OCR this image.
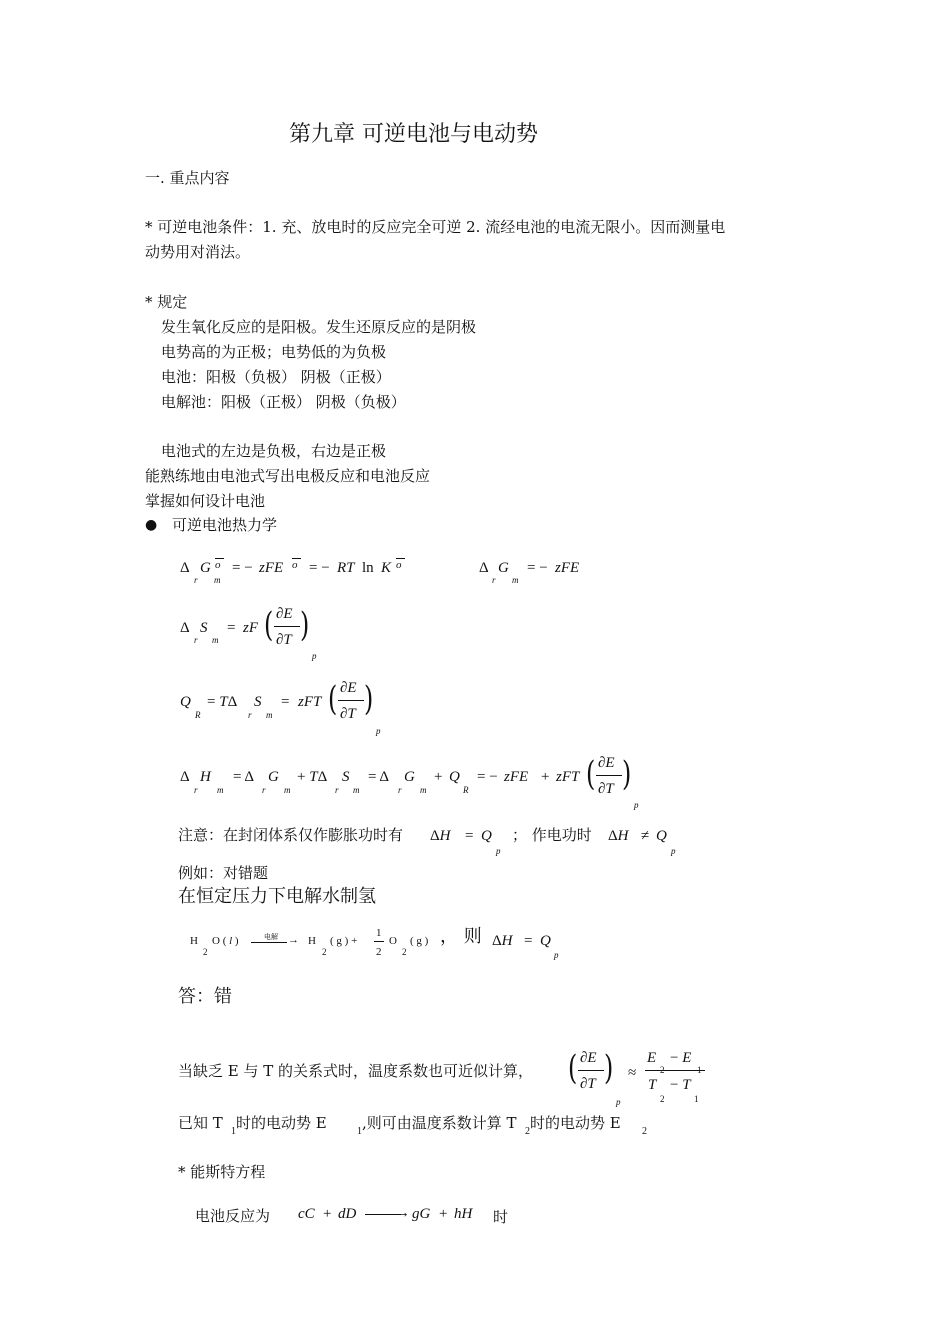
第九章 可逆电池与电动势
一. 重点内容
* 可逆电池条件：1. 充、放电时的反应完全可逆 2. 流经电池的电流无限小。因而测量电
动势用对消法。
* 规定
发生氧化反应的是阳极。发生还原反应的是阴极
电势高的为正极；电势低的为负极
电池：阳极（负极） 阴极（正极）
电解池：阳极（正极） 阴极（负极）
电池式的左边是负极，右边是正极
能熟练地由电池式写出电极反应和电池反应
掌握如何设计电池
● 可逆电池热力学
Δ G
r m
o = − zFE o = − RT ln K o	Δ G
r m
= − zFE
Δ S
r m
= zF ( ∂E
∂T )
p
Q
R
= TΔ S
r m
= zFT ( ∂E
∂T )
p
Δ H
r m
= Δ G
r m
+ TΔ S
r m
= Δ G
r m
+ Q
R
= − zFE + zFT ( ∂E
∂T )
p
注意：在封闭体系仅作膨胀功时有 ΔH = Q
p
； 作电功时 ΔH ≠ Q
p
例如：对错题
在恒定压力下电解水制氢
H
2
O ( l )	→
电解	H
2
( g ) +
1
2
O
2
( g ) ， 则 ΔH = Q
p
答：错
当缺乏 E 与 T 的关系式时，温度系数也可近似计算， ( ∂E
∂T )
p
≈
E − E
T
2
− T
1
已知 T 1 时的电动势 E	1 ,则可由温度系数计算 T 2 时的电动势 E 2
* 能斯特方程
电池反应为 cC + dD	→ gG + hH 时
